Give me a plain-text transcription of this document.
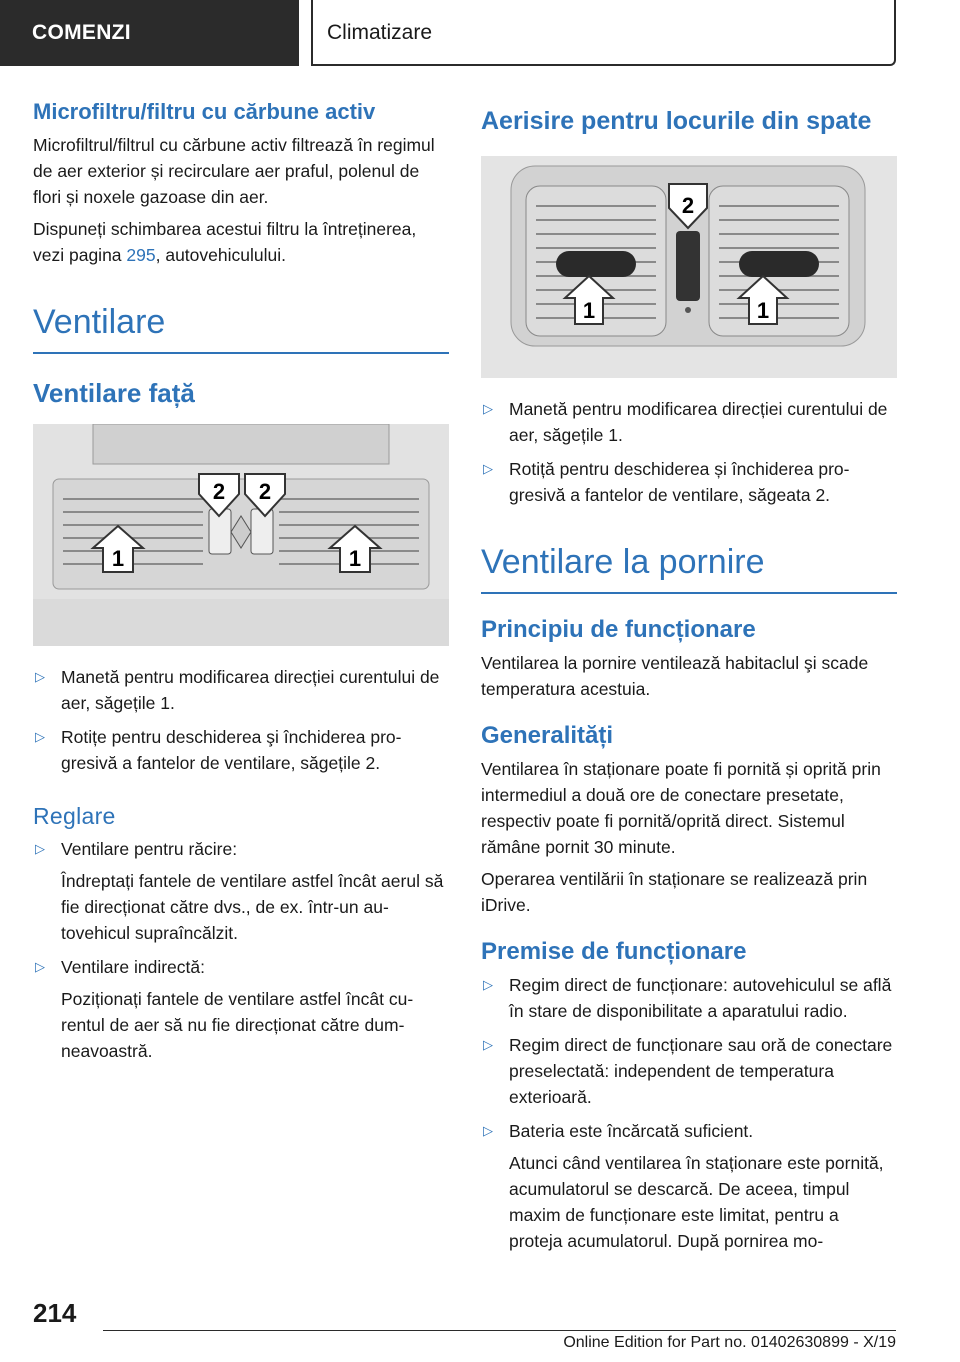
COMENZI	Climatizare
Microfiltru/filtru cu cărbune activ

Microfiltrul/filtrul cu cărbune activ filtrează în regimul de aer exterior și recirculare aer praful, polenul de flori și noxele gazoase din aer.

Dispuneți schimbarea acestui filtru la întreținerea, vezi pagina 295, autovehiculului.

Ventilare
Ventilare față
2 2
1	1
▷ Manetă pentru modificarea direcției curentului de aer, săgețile 1.
▷ Rotițe pentru deschiderea şi închiderea progresivă a fantelor de ventilare, săgețile 2.
Reglare
▷ Ventilare pentru răcire:
Îndreptați fantele de ventilare astfel încât aerul să fie direcționat către dvs., de ex. într-un autovehicul supraîncălzit.
▷ Ventilare indirectă:
Poziționați fantele de ventilare astfel încât curentul de aer să nu fie direcționat către dumneavoastră.
Aerisire pentru locurile din spate
2
1	1
▷ Manetă pentru modificarea direcției curentului de aer, săgețile 1.
▷ Rotiță pentru deschiderea și închiderea progresivă a fantelor de ventilare, săgeata 2.
Ventilare la pornire
Principiu de funcționare

Ventilarea la pornire ventilează habitaclul şi scade temperatura acestuia.

Generalități

Ventilarea în staționare poate fi pornită și oprită prin intermediul a două ore de conectare presetate, respectiv poate fi pornită/oprită direct. Sistemul rămâne pornit 30 minute.

Operarea ventilării în staționare se realizează prin iDrive.

Premise de funcționare
▷ Regim direct de funcționare: autovehiculul se află în stare de disponibilitate a aparatului radio.
▷ Regim direct de funcționare sau oră de conectare preselectată: independent de temperatura exterioară.
▷ Bateria este încărcată suficient.
Atunci când ventilarea în staționare este pornită, acumulatorul se descarcă. De aceea, timpul maxim de funcționare este limitat, pentru a proteja acumulatorul. După pornirea mo-
214
Online Edition for Part no. 01402630899 - X/19
